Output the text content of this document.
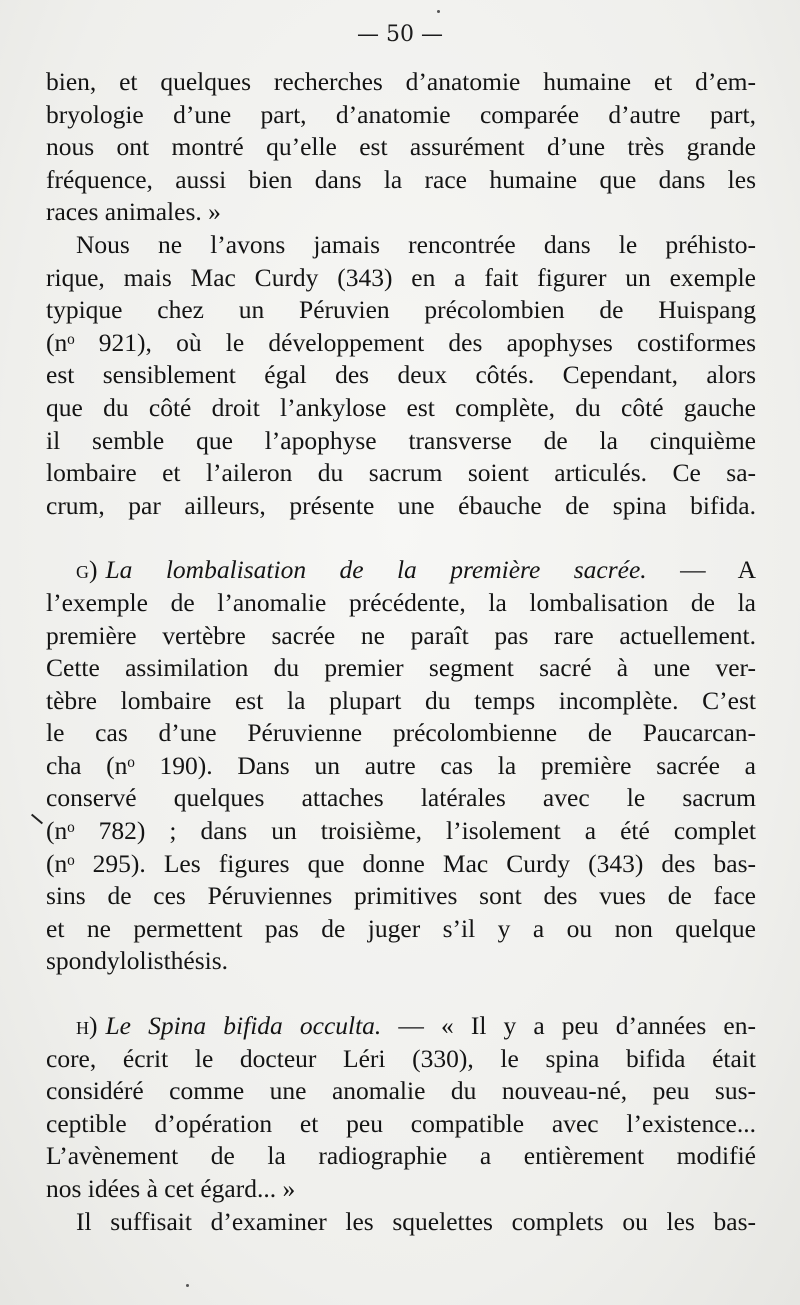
— 50 —
bien, et quelques recherches d’anatomie humaine et d’em-
bryologie d’une part, d’anatomie comparée d’autre part,
nous ont montré qu’elle est assurément d’une très grande
fréquence, aussi bien dans la race humaine que dans les
races animales. »
Nous ne l’avons jamais rencontrée dans le préhisto-
rique, mais Mac Curdy (343) en a fait figurer un exemple
typique chez un Péruvien précolombien de Huispang
(nᵒ 921), où le développement des apophyses costiformes
est sensiblement égal des deux côtés. Cependant, alors
que du côté droit l’ankylose est complète, du côté gauche
il semble que l’apophyse transverse de la cinquième
lombaire et l’aileron du sacrum soient articulés. Ce sa-
crum, par ailleurs, présente une ébauche de spina bifida.
g) La lombalisation de la première sacrée. — A
l’exemple de l’anomalie précédente, la lombalisation de la
première vertèbre sacrée ne paraît pas rare actuellement.
Cette assimilation du premier segment sacré à une ver-
tèbre lombaire est la plupart du temps incomplète. C’est
le cas d’une Péruvienne précolombienne de Paucarcan-
cha (nᵒ 190). Dans un autre cas la première sacrée a
conservé quelques attaches latérales avec le sacrum
(nᵒ 782) ; dans un troisième, l’isolement a été complet
(nᵒ 295). Les figures que donne Mac Curdy (343) des bas-
sins de ces Péruviennes primitives sont des vues de face
et ne permettent pas de juger s’il y a ou non quelque
spondylolisthésis.
h) Le Spina bifida occulta. — « Il y a peu d’années en-
core, écrit le docteur Léri (330), le spina bifida était
considéré comme une anomalie du nouveau-né, peu sus-
ceptible d’opération et peu compatible avec l’existence...
L’avènement de la radiographie a entièrement modifié
nos idées à cet égard... »
Il suffisait d’examiner les squelettes complets ou les bas-
